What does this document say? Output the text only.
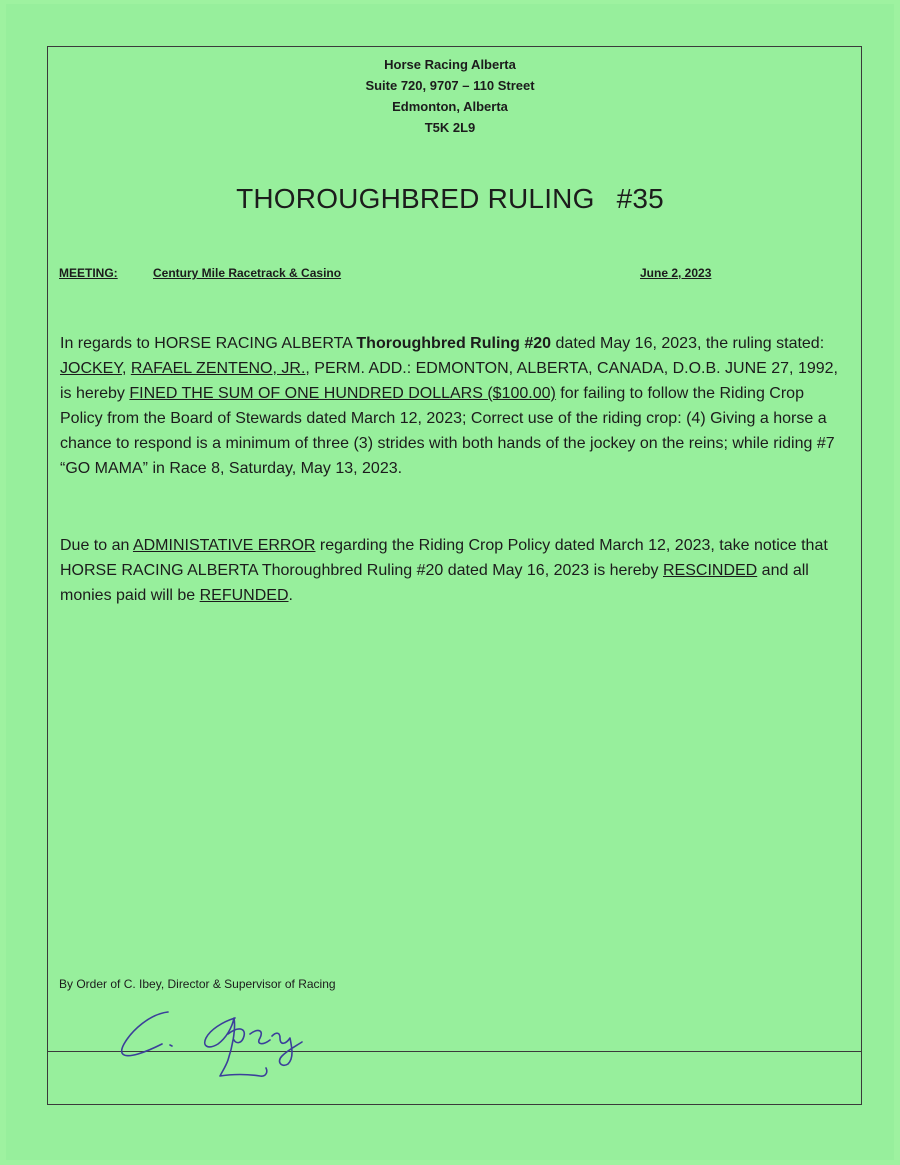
Horse Racing Alberta
Suite 720, 9707 – 110 Street
Edmonton, Alberta
T5K 2L9
THOROUGHBRED RULING #35
MEETING:	Century Mile Racetrack & Casino	June 2, 2023
In regards to HORSE RACING ALBERTA Thoroughbred Ruling #20 dated May 16, 2023, the ruling stated: JOCKEY, RAFAEL ZENTENO, JR., PERM. ADD.: EDMONTON, ALBERTA, CANADA, D.O.B. JUNE 27, 1992, is hereby FINED THE SUM OF ONE HUNDRED DOLLARS ($100.00) for failing to follow the Riding Crop Policy from the Board of Stewards dated March 12, 2023; Correct use of the riding crop: (4) Giving a horse a chance to respond is a minimum of three (3) strides with both hands of the jockey on the reins; while riding #7 “GO MAMA” in Race 8, Saturday, May 13, 2023.
Due to an ADMINISTATIVE ERROR regarding the Riding Crop Policy dated March 12, 2023, take notice that HORSE RACING ALBERTA Thoroughbred Ruling #20 dated May 16, 2023 is hereby RESCINDED and all monies paid will be REFUNDED.
By Order of C. Ibey, Director & Supervisor of Racing
